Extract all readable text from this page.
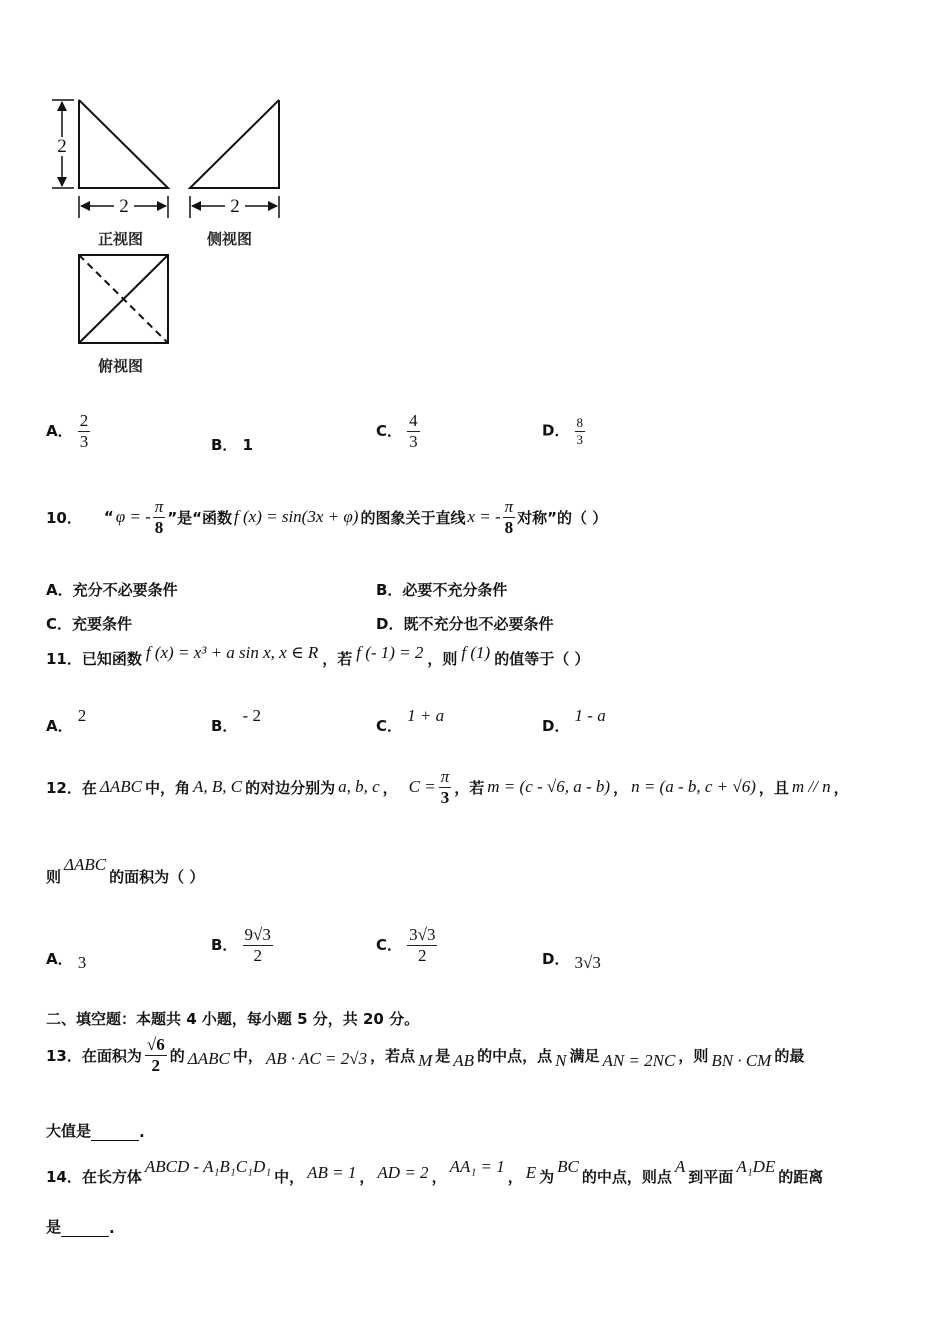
2
2	2
正视图	侧视图
俯视图
A． $\frac{2}{3}$	B． 1
C． $\frac{4}{3}$	D． $\frac{8}{3}$
10． “ φ = - $\frac{\pi}{8}$ ”是“函数 f (x) = sin(3x + φ) 的图象关于直线 x = - $\frac{\pi}{8}$ 对称”的（ ）
A．充分不必要条件	B．必要不充分条件
C．充要条件	D．既不充分也不必要条件
11．已知函数 f (x) = x³ + a sin x, x ∈ R ，若 f (- 1) = 2 ，则 f (1) 的值等于（ ）
A． 2
B． - 2
C． 1 + a
D． 1 - a
12．在 ΔABC 中，角 A, B, C 的对边分别为 a, b, c ， $C = \frac{\pi}{3}$ ，若 m = (c - √6, a - b) ， n = (a - b, c + √6) ，且 m // n ，
则
ΔABC
的面积为（ ）
A． 3
B． $\frac{9√3}{2}$	C． $\frac{3√3}{2}$	D． 3√3
二、填空题：本题共 4 小题，每小题 5 分，共 20 分。
13．在面积为 $\frac{√6}{2}$ 的 ΔABC 中， AB · AC = 2√3 ，若点 M 是 AB 的中点，点 N 满足 AN = 2NC ，则 BN · CM 的最
大值是	.
14．在长方体
ABCD - A₁B₁C₁D₁
中， AB = 1 ， AD = 2 ，
AA₁ = 1
， E 为
BC
的中点，则点
A
到平面
A₁DE
的距离
是	.
